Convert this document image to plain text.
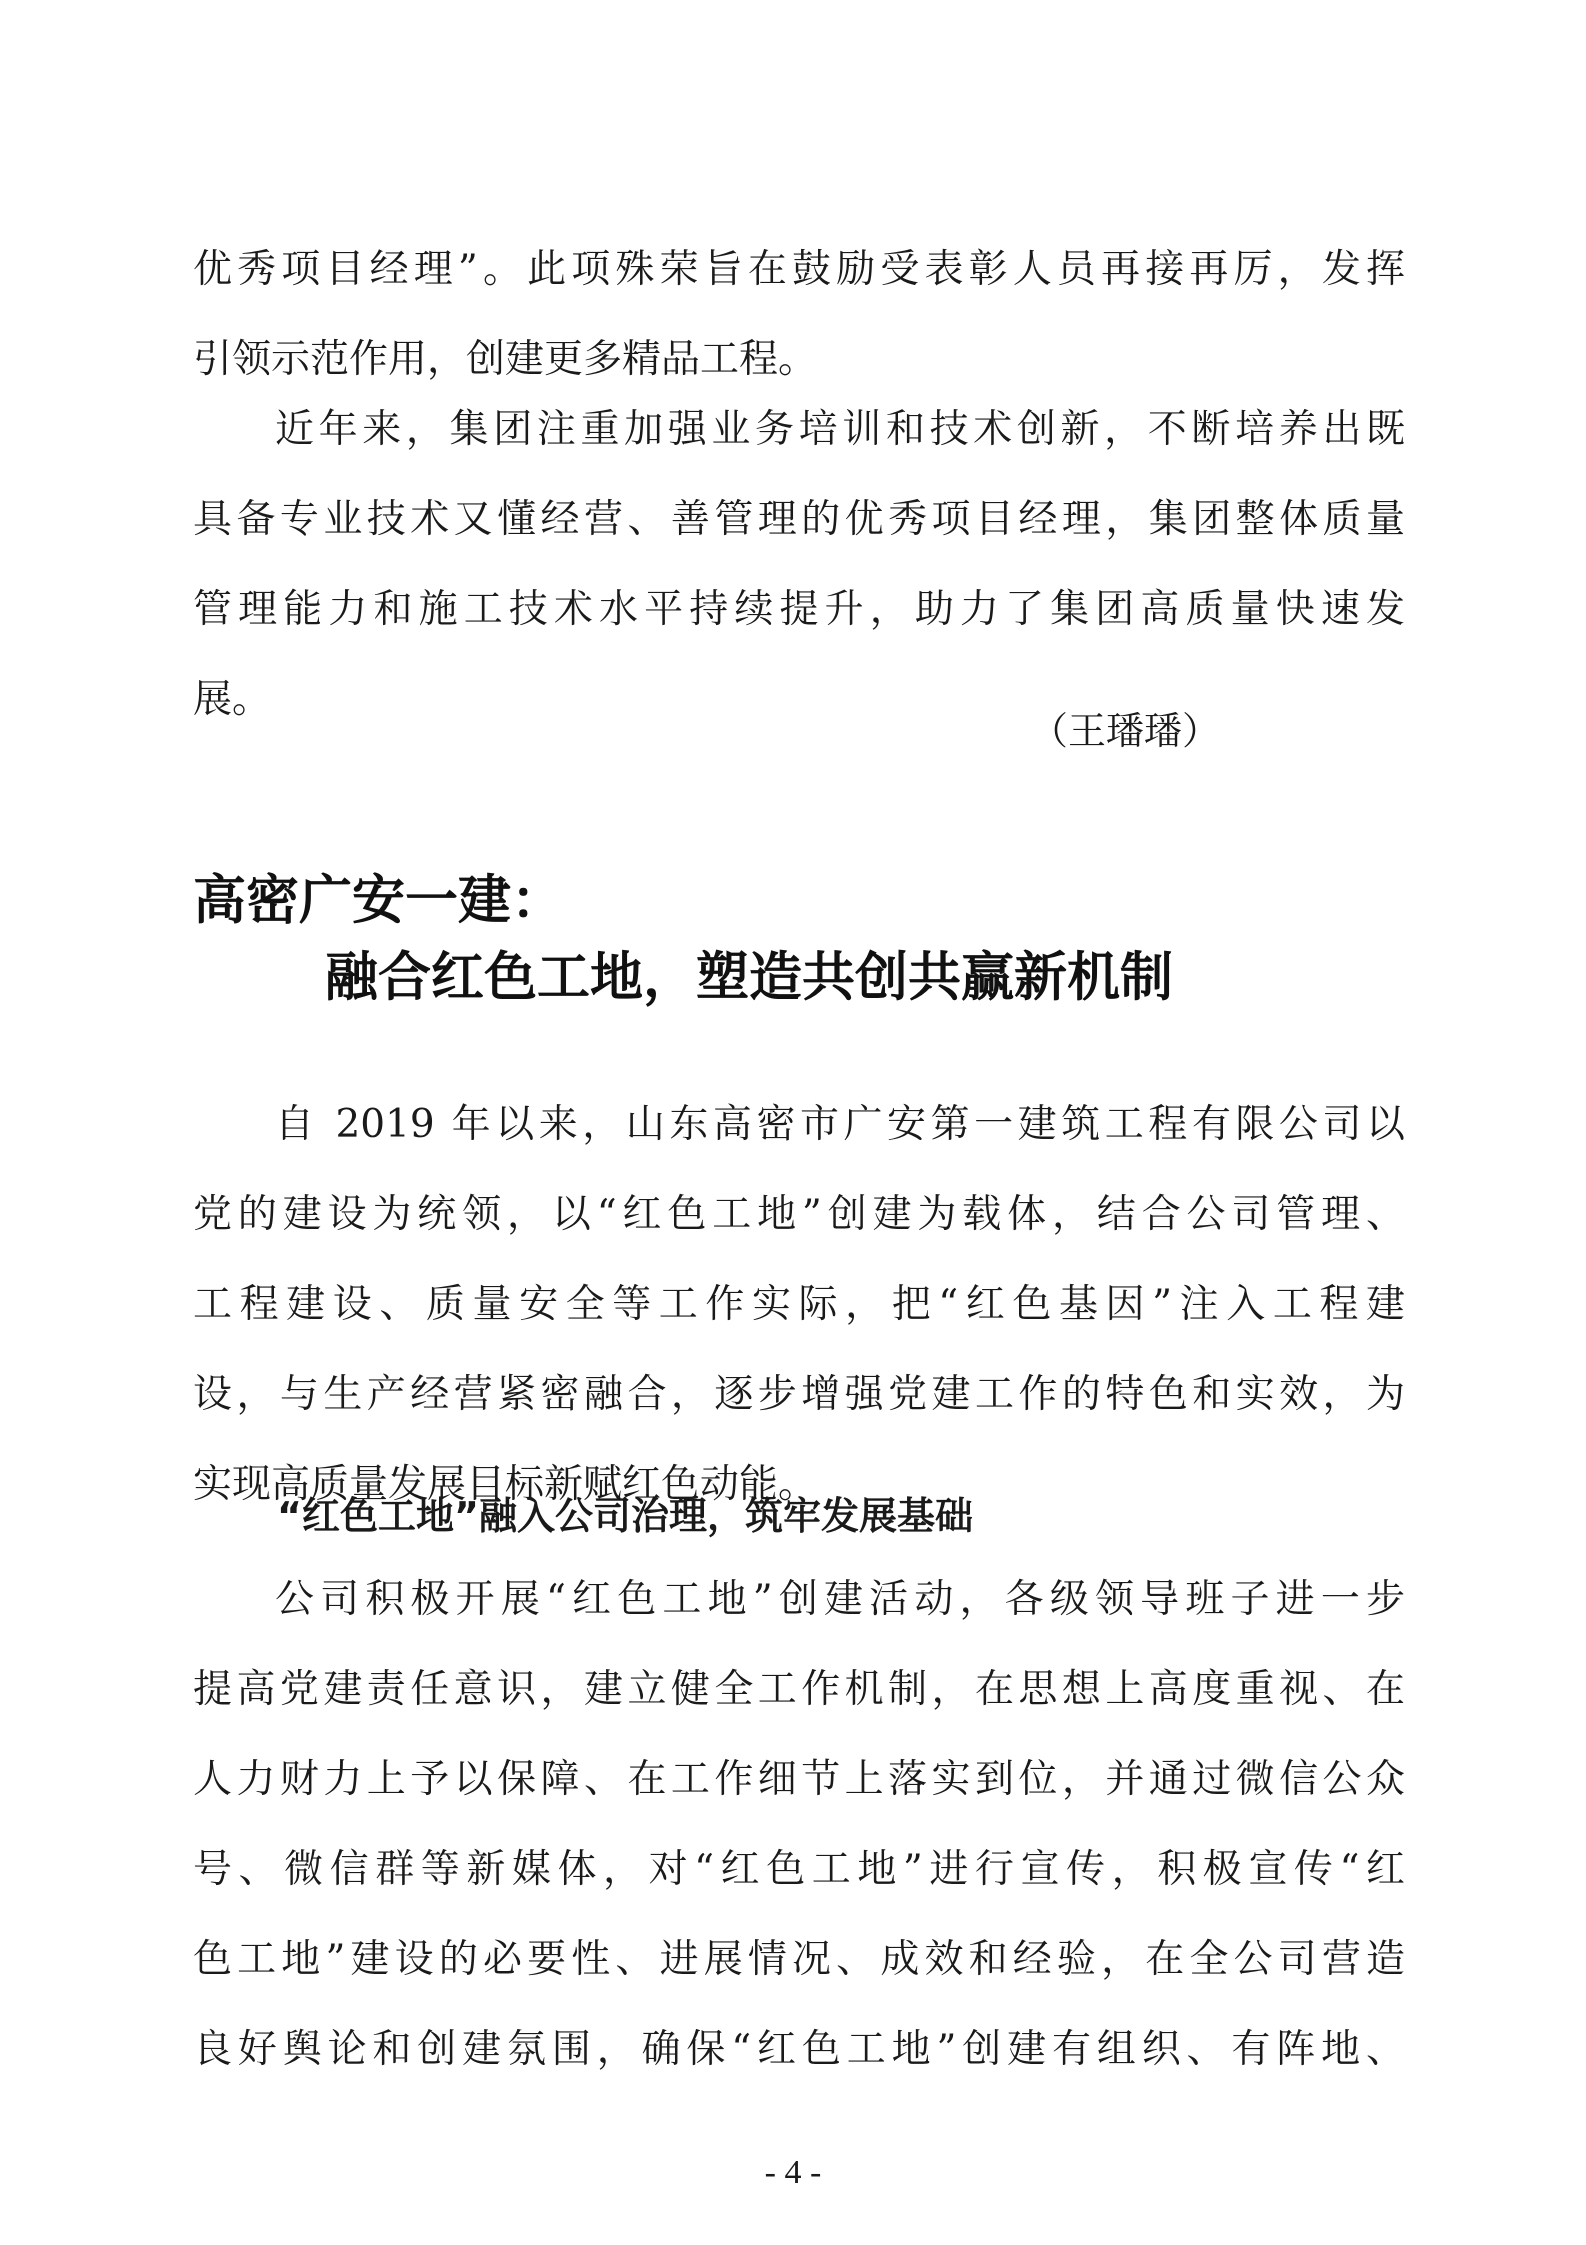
优秀项目经理”。此项殊荣旨在鼓励受表彰人员再接再厉，发挥
引领示范作用，创建更多精品工程。
近年来，集团注重加强业务培训和技术创新，不断培养出既
具备专业技术又懂经营、善管理的优秀项目经理，集团整体质量
管理能力和施工技术水平持续提升，助力了集团高质量快速发
展。
（王璠璠）
高密广安一建：
融合红色工地，塑造共创共赢新机制
自 2019 年以来，山东高密市广安第一建筑工程有限公司以
党的建设为统领，以“红色工地”创建为载体，结合公司管理、
工程建设、质量安全等工作实际，把“红色基因”注入工程建
设，与生产经营紧密融合，逐步增强党建工作的特色和实效，为
实现高质量发展目标新赋红色动能。
“红色工地”融入公司治理，筑牢发展基础
公司积极开展“红色工地”创建活动，各级领导班子进一步
提高党建责任意识，建立健全工作机制，在思想上高度重视、在
人力财力上予以保障、在工作细节上落实到位，并通过微信公众
号、微信群等新媒体，对“红色工地”进行宣传，积极宣传“红
色工地”建设的必要性、进展情况、成效和经验，在全公司营造
良好舆论和创建氛围，确保“红色工地”创建有组织、有阵地、
- 4 -
